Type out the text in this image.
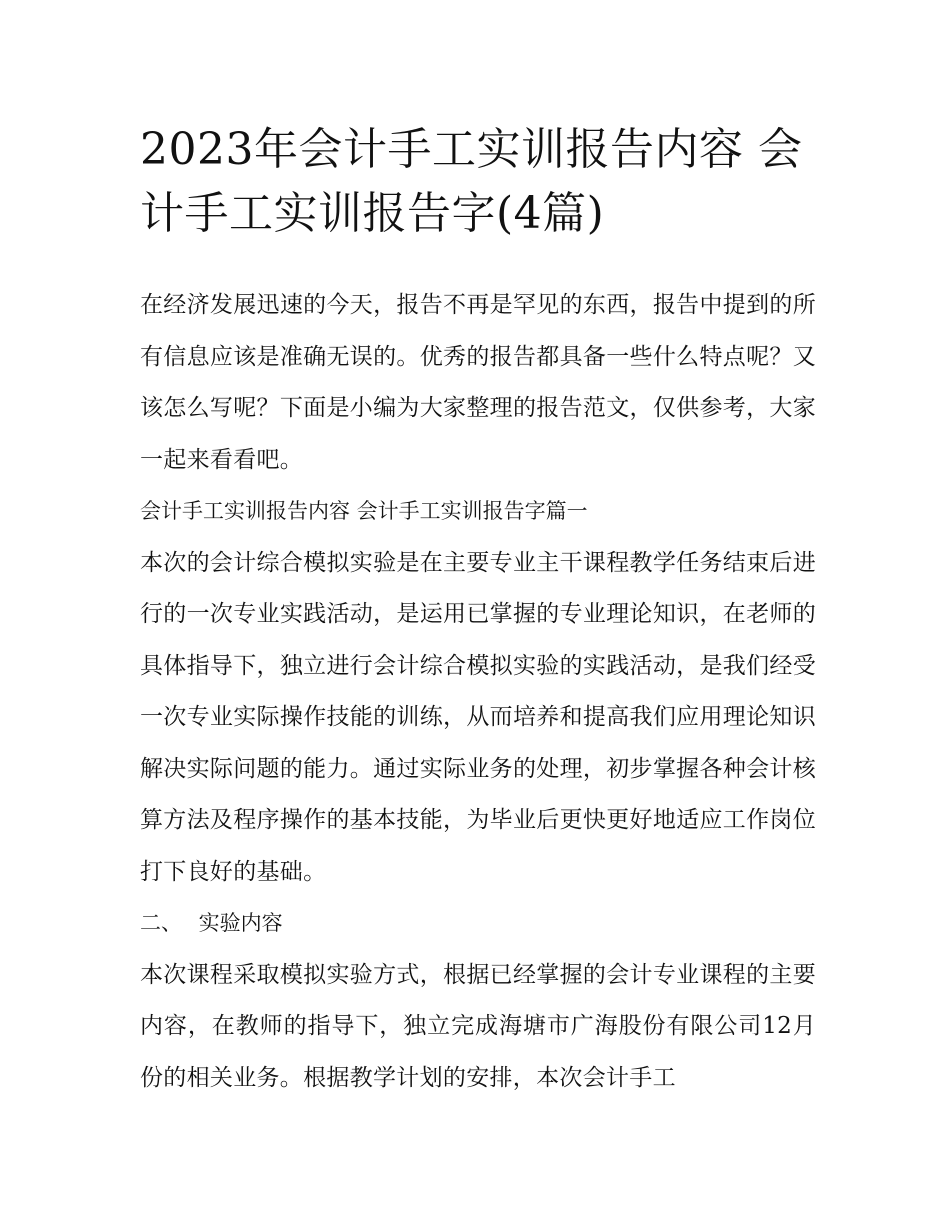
2023年会计手工实训报告内容 会计手工实训报告字(4篇)

在经济发展迅速的今天，报告不再是罕见的东西，报告中提到的所有信息应该是准确无误的。优秀的报告都具备一些什么特点呢？又该怎么写呢？下面是小编为大家整理的报告范文，仅供参考，大家一起来看看吧。

会计手工实训报告内容 会计手工实训报告字篇一

本次的会计综合模拟实验是在主要专业主干课程教学任务结束后进行的一次专业实践活动，是运用已掌握的专业理论知识，在老师的具体指导下，独立进行会计综合模拟实验的实践活动，是我们经受一次专业实际操作技能的训练，从而培养和提高我们应用理论知识解决实际问题的能力。通过实际业务的处理，初步掌握各种会计核算方法及程序操作的基本技能，为毕业后更快更好地适应工作岗位打下良好的基础。

二、 实验内容

本次课程采取模拟实验方式，根据已经掌握的会计专业课程的主要内容，在教师的指导下，独立完成海塘市广海股份有限公司12月份的相关业务。根据教学计划的安排，本次会计手工
